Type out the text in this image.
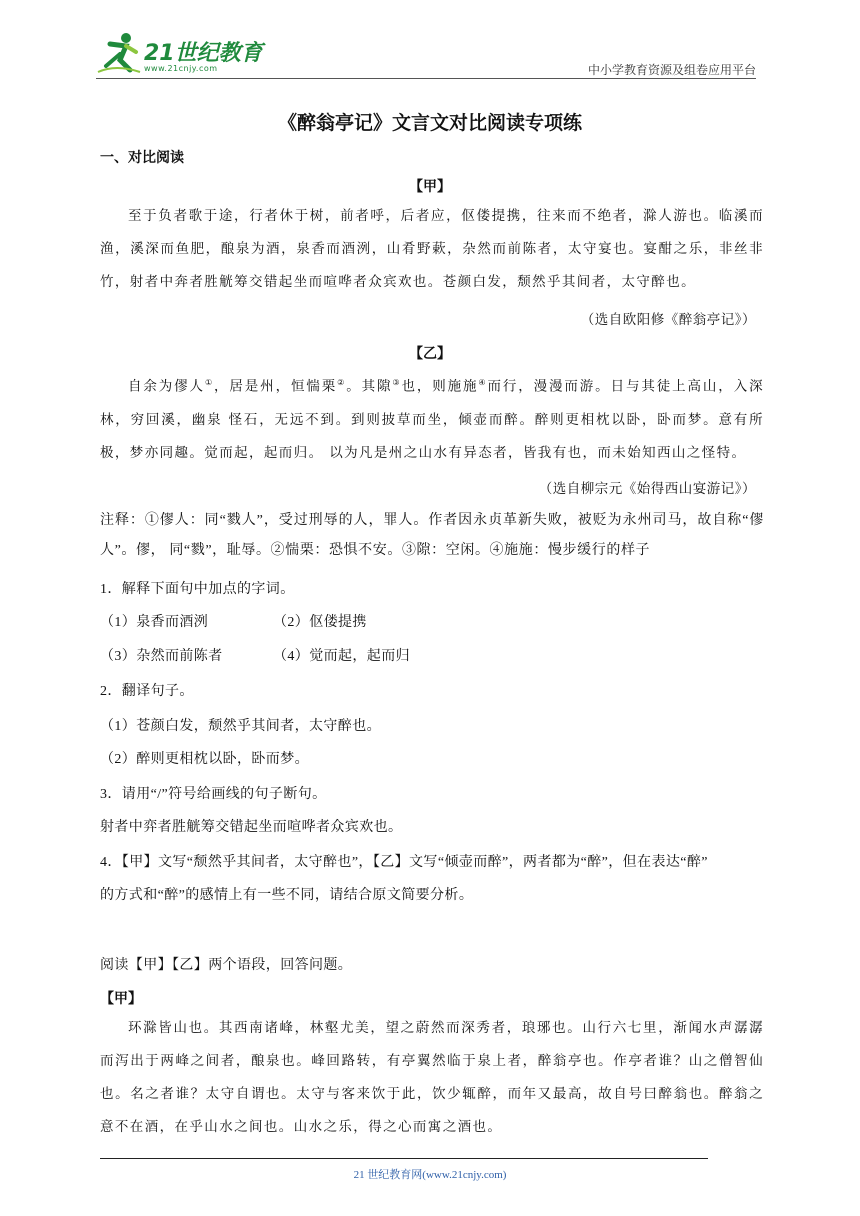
21世纪教育
www.21cnjy.com	中小学教育资源及组卷应用平台
《醉翁亭记》文言文对比阅读专项练
一、对比阅读
【甲】
至于负者歌于途，行者休于树，前者呼，后者应，伛偻提携，往来而不绝者，滁人游也。临溪而渔，溪深而鱼肥，酿泉为酒，泉香而酒洌，山肴野蔌，杂然而前陈者，太守宴也。宴酣之乐，非丝非竹，射者中奔者胜觥筹交错起坐而喧哗者众宾欢也。苍颜白发，颓然乎其间者，太守醉也。
（选自欧阳修《醉翁亭记》）
【乙】
自余为僇人①，居是州，恒惴栗②。其隙③也，则施施④而行，漫漫而游。日与其徒上高山，入深林，穷回溪，幽泉 怪石，无远不到。到则披草而坐，倾壶而醉。醉则更相枕以卧，卧而梦。意有所极，梦亦同趣。觉而起，起而归。 以为凡是州之山水有异态者，皆我有也，而未始知西山之怪特。
（选自柳宗元《始得西山宴游记》）
注释：①僇人：同“戮人”，受过刑辱的人，罪人。作者因永贞革新失败，被贬为永州司马，故自称“僇人”。僇， 同“戮”，耻辱。②惴栗：恐惧不安。③隙：空闲。④施施：慢步缓行的样子
1．解释下面句中加点的字词。
（1）泉香而酒洌	（2）伛偻提携
（3）杂然而前陈者	（4）觉而起，起而归
2．翻译句子。
（1）苍颜白发，颓然乎其间者，太守醉也。
（2）醉则更相枕以卧，卧而梦。
3．请用“/”符号给画线的句子断句。
射者中弈者胜觥筹交错起坐而喧哗者众宾欢也。
4．【甲】文写“颓然乎其间者，太守醉也”，【乙】文写“倾壶而醉”，两者都为“醉”，但在表达“醉”
的方式和“醉”的感情上有一些不同，请结合原文简要分析。
阅读【甲】【乙】两个语段，回答问题。
【甲】
环滁皆山也。其西南诸峰，林壑尤美，望之蔚然而深秀者，琅琊也。山行六七里，渐闻水声潺潺而泻出于两峰之间者，酿泉也。峰回路转，有亭翼然临于泉上者，醉翁亭也。作亭者谁？山之僧智仙也。名之者谁？太守自谓也。太守与客来饮于此，饮少辄醉，而年又最高，故自号曰醉翁也。醉翁之意不在酒，在乎山水之间也。山水之乐，得之心而寓之酒也。
21 世纪教育网(www.21cnjy.com)
